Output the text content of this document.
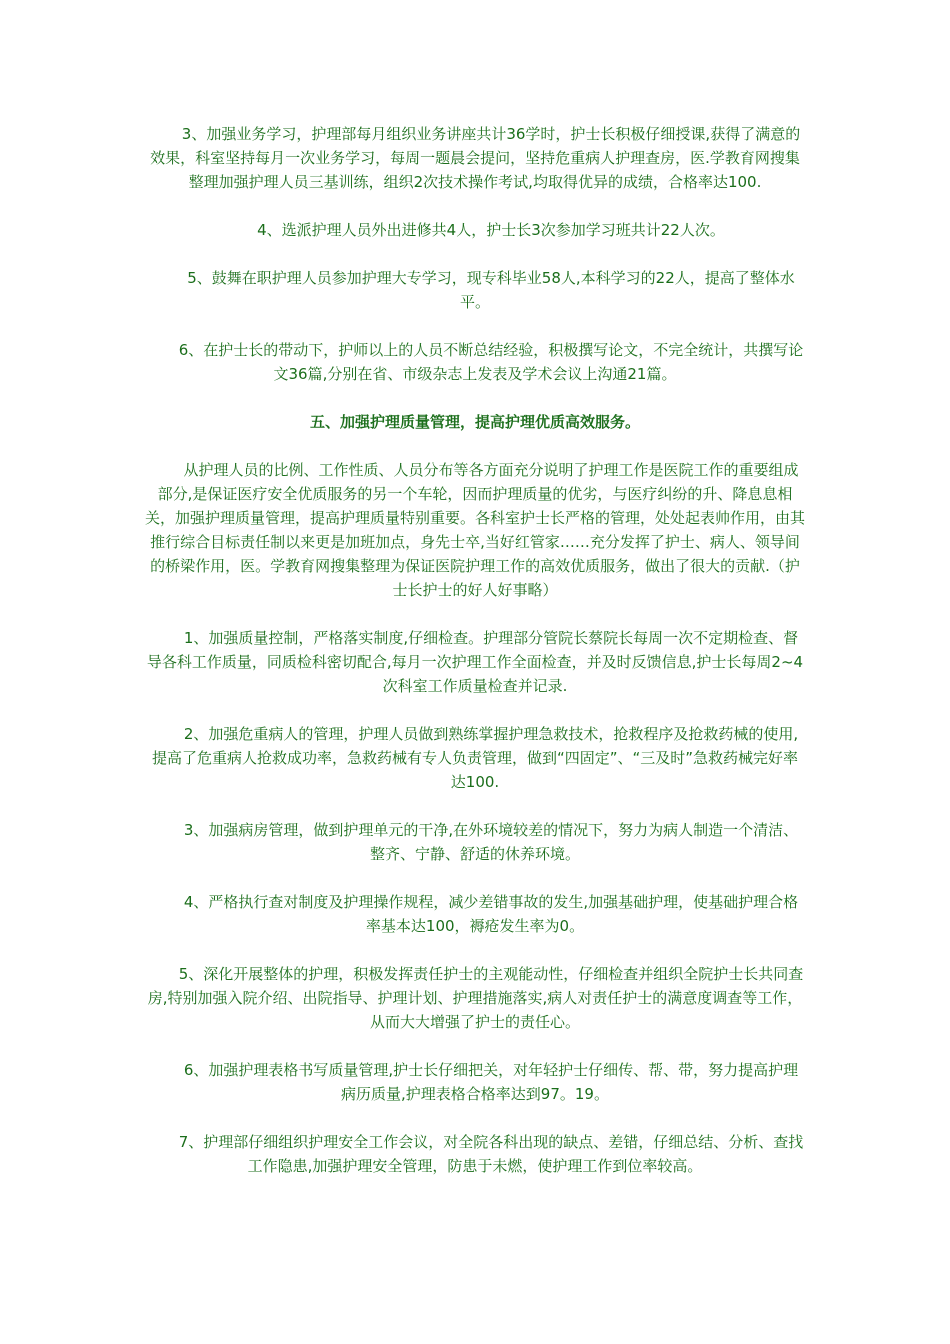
3、加强业务学习，护理部每月组织业务讲座共计36学时，护士长积极仔细授课,获得了满意的效果，科室坚持每月一次业务学习，每周一题晨会提问，坚持危重病人护理查房，医.学教育网搜集整理加强护理人员三基训练，组织2次技术操作考试,均取得优异的成绩，合格率达100.

4、选派护理人员外出进修共4人，护士长3次参加学习班共计22人次。

5、鼓舞在职护理人员参加护理大专学习，现专科毕业58人,本科学习的22人，提高了整体水平。

6、在护士长的带动下，护师以上的人员不断总结经验，积极撰写论文，不完全统计，共撰写论文36篇,分别在省、市级杂志上发表及学术会议上沟通21篇。

五、加强护理质量管理，提高护理优质高效服务。

从护理人员的比例、工作性质、人员分布等各方面充分说明了护理工作是医院工作的重要组成部分,是保证医疗安全优质服务的另一个车轮，因而护理质量的优劣，与医疗纠纷的升、降息息相关，加强护理质量管理，提高护理质量特别重要。各科室护士长严格的管理，处处起表帅作用，由其推行综合目标责任制以来更是加班加点，身先士卒,当好红管家……充分发挥了护士、病人、领导间的桥梁作用，医。学教育网搜集整理为保证医院护理工作的高效优质服务，做出了很大的贡献.（护士长护士的好人好事略）

1、加强质量控制，严格落实制度,仔细检查。护理部分管院长蔡院长每周一次不定期检查、督导各科工作质量，同质检科密切配合,每月一次护理工作全面检查，并及时反馈信息,护士长每周2~4次科室工作质量检查并记录.

2、加强危重病人的管理，护理人员做到熟练掌握护理急救技术，抢救程序及抢救药械的使用,提高了危重病人抢救成功率，急救药械有专人负责管理，做到“四固定”、“三及时”急救药械完好率达100.

3、加强病房管理，做到护理单元的干净,在外环境较差的情况下，努力为病人制造一个清洁、整齐、宁静、舒适的休养环境。

4、严格执行查对制度及护理操作规程，减少差错事故的发生,加强基础护理，使基础护理合格率基本达100，褥疮发生率为0。

5、深化开展整体的护理，积极发挥责任护士的主观能动性，仔细检查并组织全院护士长共同查房,特别加强入院介绍、出院指导、护理计划、护理措施落实,病人对责任护士的满意度调查等工作，从而大大增强了护士的责任心。

6、加强护理表格书写质量管理,护士长仔细把关，对年轻护士仔细传、帮、带，努力提高护理病历质量,护理表格合格率达到97。19。

7、护理部仔细组织护理安全工作会议，对全院各科出现的缺点、差错，仔细总结、分析、查找工作隐患,加强护理安全管理，防患于未燃，使护理工作到位率较高。
